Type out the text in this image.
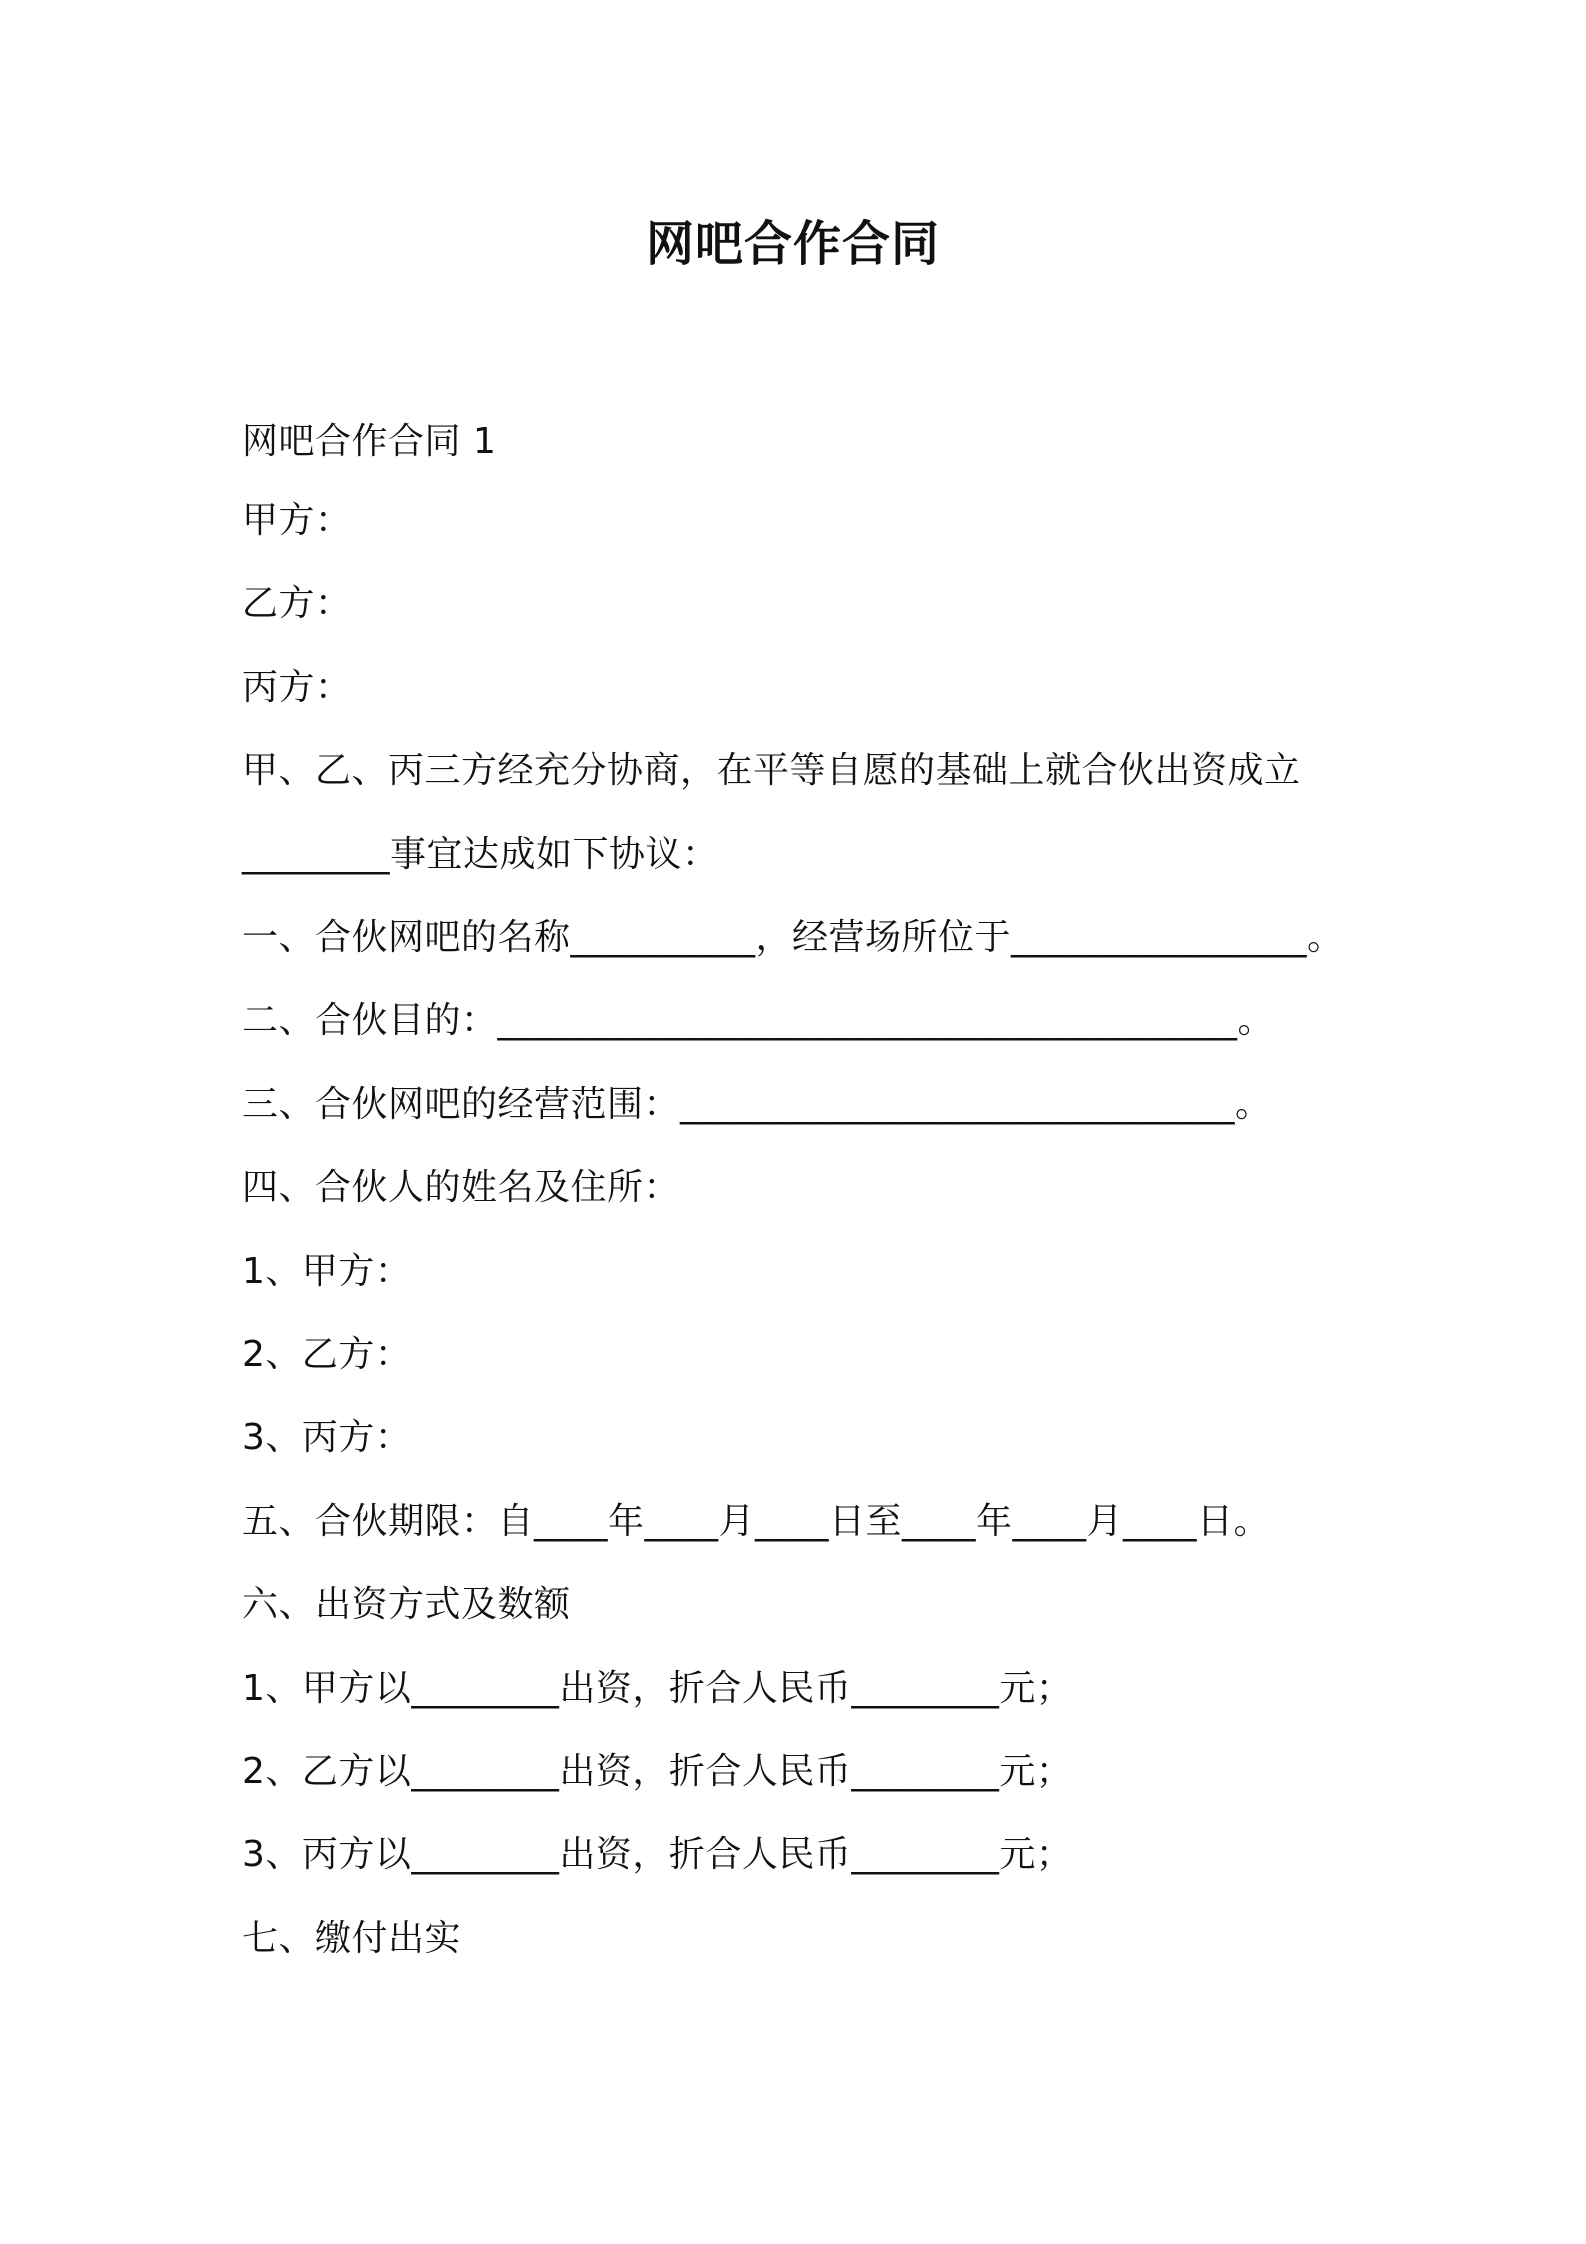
网吧合作合同
网吧合作合同 1
甲方：
乙方：
丙方：
甲、乙、丙三方经充分协商，在平等自愿的基础上就合伙出资成立
________事宜达成如下协议：
一、合伙网吧的名称__________，经营场所位于________________。
二、合伙目的：________________________________________。
三、合伙网吧的经营范围：______________________________。
四、合伙人的姓名及住所：
1、甲方：
2、乙方：
3、丙方：
五、合伙期限：自____年____月____日至____年____月____日。
六、出资方式及数额
1、甲方以________出资，折合人民币________元；
2、乙方以________出资，折合人民币________元；
3、丙方以________出资，折合人民币________元；
七、缴付出实
